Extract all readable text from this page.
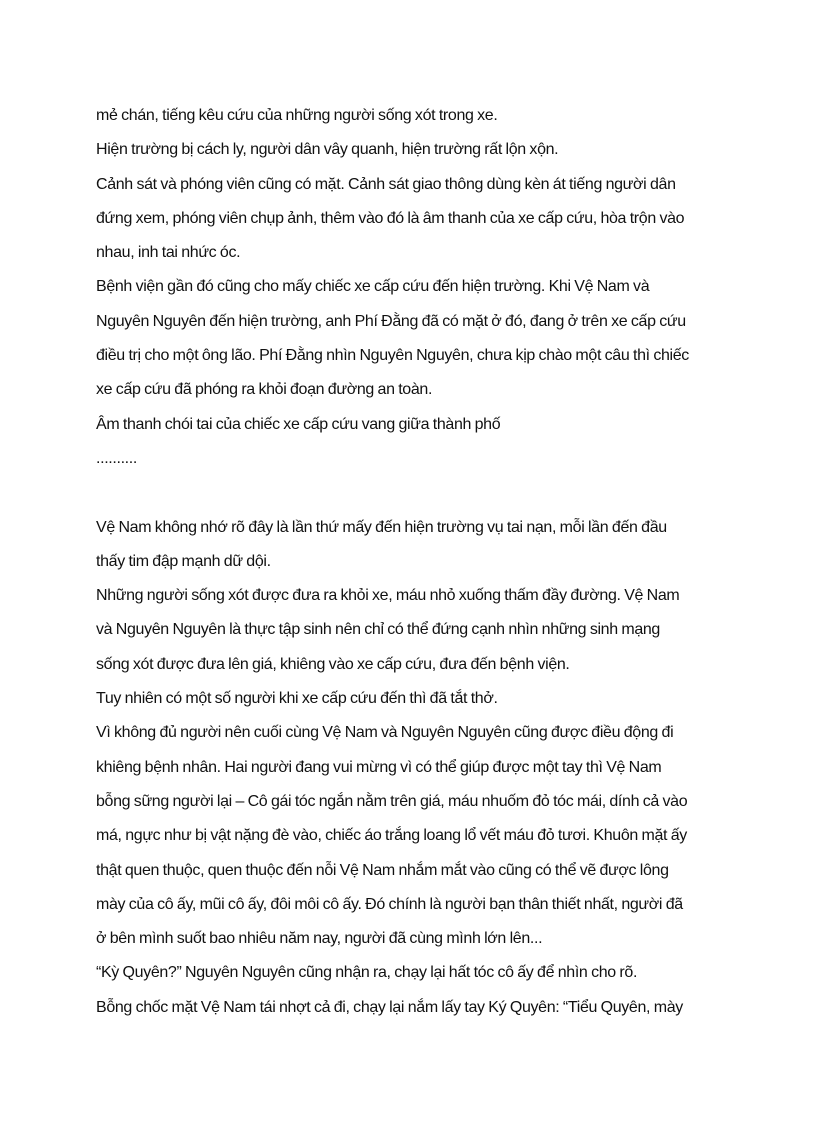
mẻ chán, tiếng kêu cứu của những người sống xót trong xe.
Hiện trường bị cách ly, người dân vây quanh, hiện trường rất lộn xộn.
Cảnh sát và phóng viên cũng có mặt. Cảnh sát giao thông dùng kèn át tiếng người dân
đứng xem, phóng viên chụp ảnh, thêm vào đó là âm thanh của xe cấp cứu, hòa trộn vào
nhau, inh tai nhức óc.
Bệnh viện gần đó cũng cho mấy chiếc xe cấp cứu đến hiện trường. Khi Vệ Nam và
Nguyên Nguyên đến hiện trường, anh Phí Đằng đã có mặt ở đó, đang ở trên xe cấp cứu
điều trị cho một ông lão. Phí Đằng nhìn Nguyên Nguyên, chưa kịp chào một câu thì chiếc
xe cấp cứu đã phóng ra khỏi đoạn đường an toàn.
Âm thanh chói tai của chiếc xe cấp cứu vang giữa thành phố
..........
Vệ Nam không nhớ rõ đây là lần thứ mấy đến hiện trường vụ tai nạn, mỗi lần đến đầu
thấy tim đập mạnh dữ dội.
Những người sống xót được đưa ra khỏi xe, máu nhỏ xuống thấm đầy đường. Vệ Nam
và Nguyên Nguyên là thực tập sinh nên chỉ có thể đứng cạnh nhìn những sinh mạng
sống xót được đưa lên giá, khiêng vào xe cấp cứu, đưa đến bệnh viện.
Tuy nhiên có một số người khi xe cấp cứu đến thì đã tắt thở.
Vì không đủ người nên cuối cùng Vệ Nam và Nguyên Nguyên cũng được điều động đi
khiêng bệnh nhân. Hai người đang vui mừng vì có thể giúp được một tay thì Vệ Nam
bỗng sững người lại – Cô gái tóc ngắn nằm trên giá, máu nhuốm đỏ tóc mái, dính cả vào
má, ngực như bị vật nặng đè vào, chiếc áo trắng loang lổ vết máu đỏ tươi. Khuôn mặt ấy
thật quen thuộc, quen thuộc đến nỗi Vệ Nam nhắm mắt vào cũng có thể vẽ được lông
mày của cô ấy, mũi cô ấy, đôi môi cô ấy. Đó chính là người bạn thân thiết nhất, người đã
ở bên mình suốt bao nhiêu năm nay, người đã cùng mình lớn lên...
“Kỳ Quyên?” Nguyên Nguyên cũng nhận ra, chạy lại hất tóc cô ấy để nhìn cho rõ.
Bỗng chốc mặt Vệ Nam tái nhợt cả đi, chạy lại nắm lấy tay Ký Quyên: “Tiểu Quyên, mày
